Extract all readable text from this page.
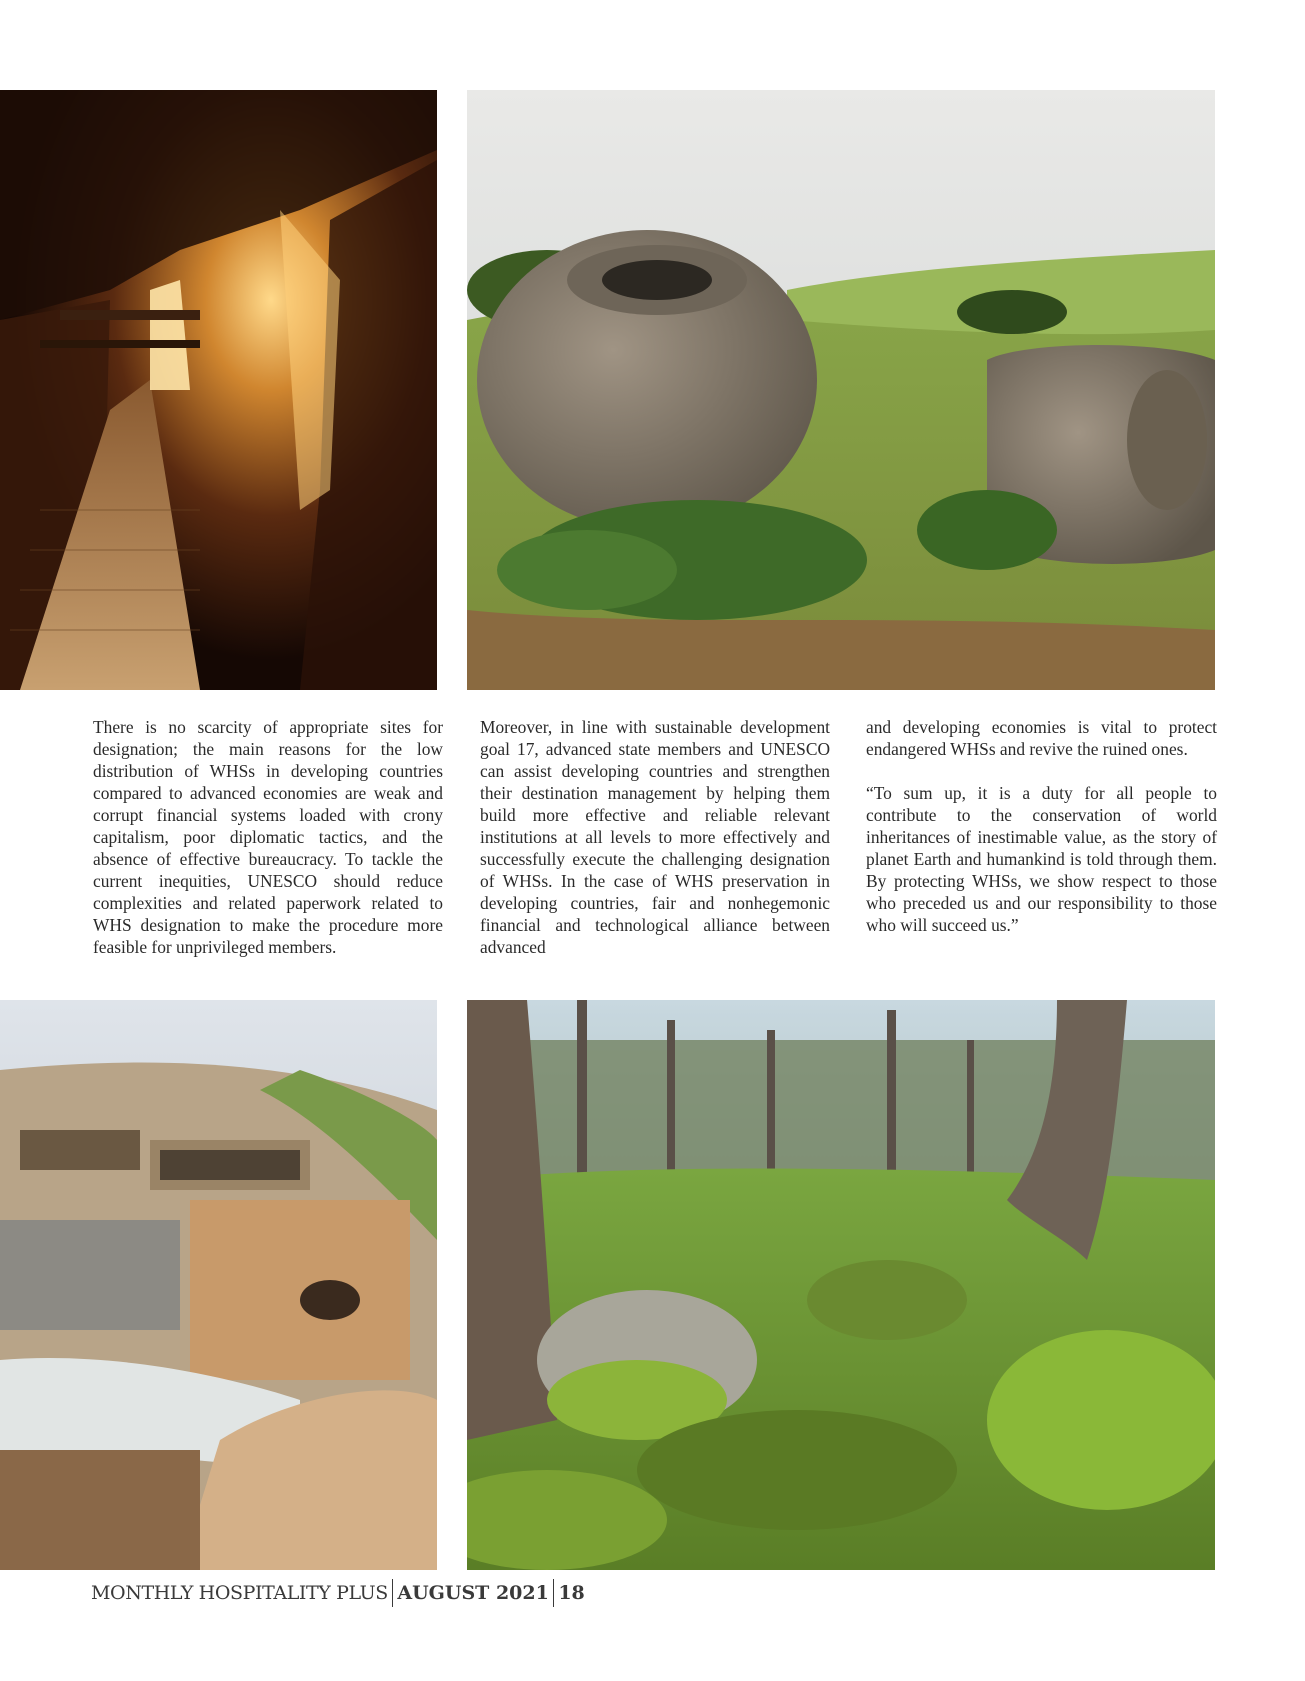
There is no scarcity of appropriate sites for designation; the main reasons for the low distribution of WHSs in developing countries compared to advanced economies are weak and corrupt financial systems loaded with crony capitalism, poor diplomatic tactics, and the absence of effective bureaucracy. To tackle the current inequities, UNESCO should reduce complexities and related paperwork related to WHS designation to make the procedure more feasible for unprivileged members.

Moreover, in line with sustainable development goal 17, advanced state members and UNESCO can assist developing countries and strengthen their destination management by helping them build more effective and reliable relevant institutions at all levels to more effectively and successfully execute the challenging designation of WHSs. In the case of WHS preservation in developing countries, fair and nonhegemonic financial and technological alliance between advanced

and developing economies is vital to protect endangered WHSs and revive the ruined ones.

“To sum up, it is a duty for all people to contribute to the conservation of world inheritances of inestimable value, as the story of planet Earth and humankind is told through them. By protecting WHSs, we show respect to those who preceded us and our responsibility to those who will succeed us.”

MONTHLY HOSPITALITY PLUS AUGUST 2021 18
